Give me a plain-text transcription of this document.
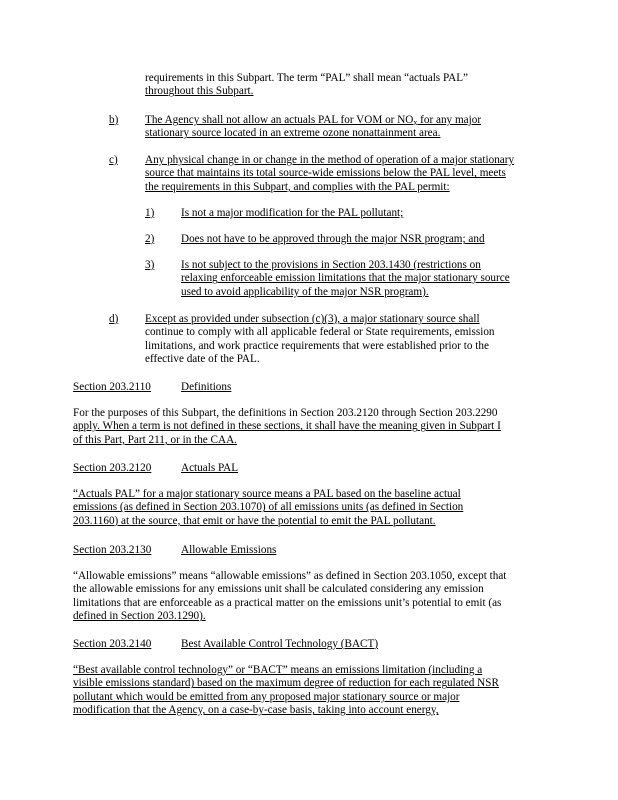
requirements in this Subpart. The term “PAL” shall mean “actuals PAL”
throughout this Subpart.
b) The Agency shall not allow an actuals PAL for VOM or $NO_x$ for any major
stationary source located in an extreme ozone nonattainment area.
c) Any physical change in or change in the method of operation of a major stationary
source that maintains its total source-wide emissions below the PAL level, meets
the requirements in this Subpart, and complies with the PAL permit:
1) Is not a major modification for the PAL pollutant;
2) Does not have to be approved through the major NSR program; and
3) Is not subject to the provisions in Section 203.1430 (restrictions on
relaxing enforceable emission limitations that the major stationary source
used to avoid applicability of the major NSR program).
d) Except as provided under subsection (c)(3), a major stationary source shall
continue to comply with all applicable federal or State requirements, emission
limitations, and work practice requirements that were established prior to the
effective date of the PAL.
Section 203.2110	Definitions
For the purposes of this Subpart, the definitions in Section 203.2120 through Section 203.2290
apply. When a term is not defined in these sections, it shall have the meaning given in Subpart I
of this Part, Part 211, or in the CAA.
Section 203.2120	Actuals PAL
“Actuals PAL” for a major stationary source means a PAL based on the baseline actual
emissions (as defined in Section 203.1070) of all emissions units (as defined in Section
203.1160) at the source, that emit or have the potential to emit the PAL pollutant.
Section 203.2130	Allowable Emissions
“Allowable emissions” means “allowable emissions” as defined in Section 203.1050, except that
the allowable emissions for any emissions unit shall be calculated considering any emission
limitations that are enforceable as a practical matter on the emissions unit’s potential to emit (as
defined in Section 203.1290).
Section 203.2140	Best Available Control Technology (BACT)
“Best available control technology” or “BACT” means an emissions limitation (including a
visible emissions standard) based on the maximum degree of reduction for each regulated NSR
pollutant which would be emitted from any proposed major stationary source or major
modification that the Agency, on a case-by-case basis, taking into account energy,
